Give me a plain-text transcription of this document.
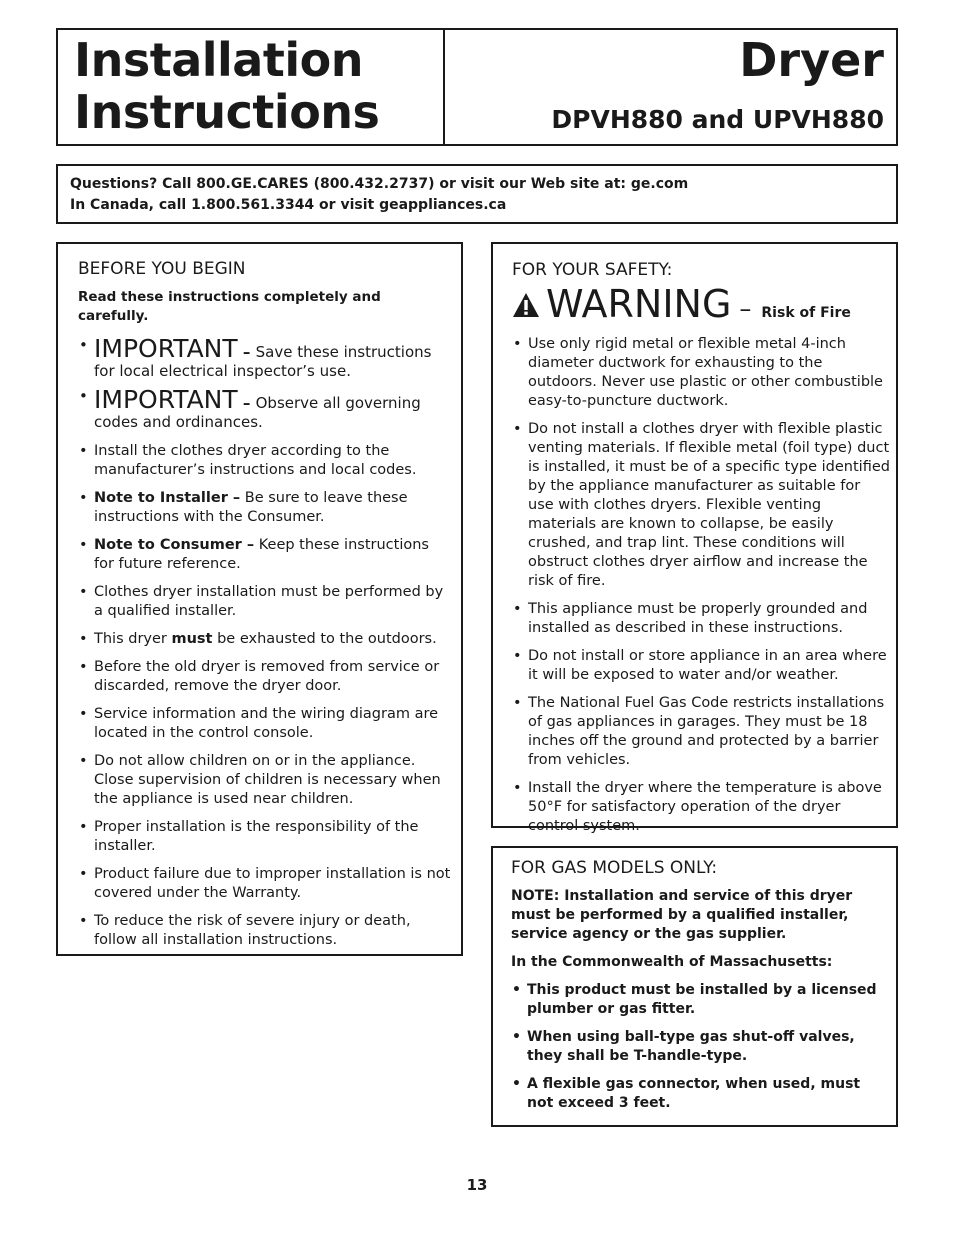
Installation Instructions
Dryer
DPVH880 and UPVH880

Questions? Call 800.GE.CARES (800.432.2737) or visit our Web site at: ge.com

In Canada, call 1.800.561.3344 or visit geappliances.ca

BEFORE YOU BEGIN

Read these instructions completely and carefully.

• IMPORTANT – Save these instructions for local electrical inspector’s use.
• IMPORTANT – Observe all governing codes and ordinances.
• Install the clothes dryer according to the manufacturer’s instructions and local codes.
• Note to Installer – Be sure to leave these instructions with the Consumer.
• Note to Consumer – Keep these instructions for future reference.
• Clothes dryer installation must be performed by a qualified installer.
• This dryer must be exhausted to the outdoors.
• Before the old dryer is removed from service or discarded, remove the dryer door.
• Service information and the wiring diagram are located in the control console.
• Do not allow children on or in the appliance. Close supervision of children is necessary when the appliance is used near children.
• Proper installation is the responsibility of the installer.
• Product failure due to improper installation is not covered under the Warranty.
• To reduce the risk of severe injury or death, follow all installation instructions.
FOR YOUR SAFETY:
WARNING – Risk of Fire
• Use only rigid metal or flexible metal 4-inch diameter ductwork for exhausting to the outdoors. Never use plastic or other combustible easy-to-puncture ductwork.
• Do not install a clothes dryer with flexible plastic venting materials. If flexible metal (foil type) duct is installed, it must be of a specific type identified by the appliance manufacturer as suitable for use with clothes dryers. Flexible venting materials are known to collapse, be easily crushed, and trap lint. These conditions will obstruct clothes dryer airflow and increase the risk of fire.
• This appliance must be properly grounded and installed as described in these instructions.
• Do not install or store appliance in an area where it will be exposed to water and/or weather.
• The National Fuel Gas Code restricts installations of gas appliances in garages. They must be 18 inches off the ground and protected by a barrier from vehicles.
• Install the dryer where the temperature is above 50°F for satisfactory operation of the dryer control system.
FOR GAS MODELS ONLY:

NOTE: Installation and service of this dryer must be performed by a qualified installer, service agency or the gas supplier.

In the Commonwealth of Massachusetts:

• This product must be installed by a licensed plumber or gas fitter.
• When using ball-type gas shut-off valves, they shall be T-handle-type.
• A flexible gas connector, when used, must not exceed 3 feet.
13
